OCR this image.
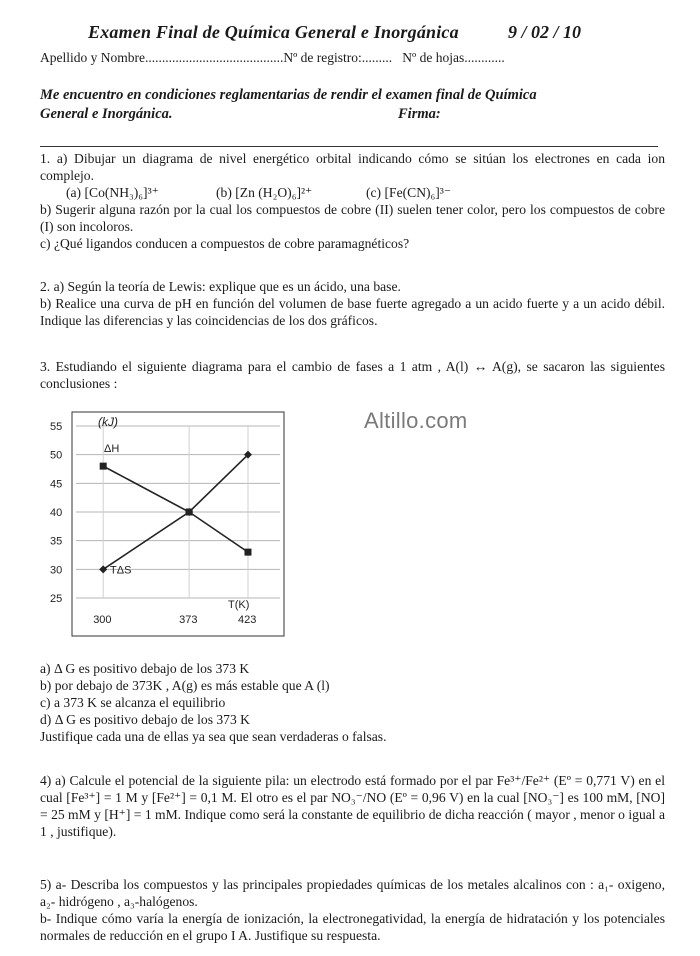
Examen Final de Química General e Inorgánica	9 / 02 / 10
Apellido y Nombre.........................................Nº de registro:......... Nº de hojas............
Me encuentro en condiciones reglamentarias de rendir el examen final de Química
General e Inorgánica.	Firma:

1. a) Dibujar un diagrama de nivel energético orbital indicando cómo se sitúan los electrones en cada ion complejo.

(a) [Co(NH₃)₆]³⁺	(b) [Zn (H₂O)₆]²⁺	(c) [Fe(CN)₆]³⁻

b) Sugerir alguna razón por la cual los compuestos de cobre (II) suelen tener color, pero los compuestos de cobre (I) son incoloros.

c) ¿Qué ligandos conducen a compuestos de cobre paramagnéticos?

2. a) Según la teoría de Lewis: explique que es un ácido, una base.

b) Realice una curva de pH en función del volumen de base fuerte agregado a un acido fuerte y a un acido débil. Indique las diferencias y las coincidencias de los dos gráficos.

3. Estudiando el siguiente diagrama para el cambio de fases a 1 atm , A(l) ↔ A(g), se sacaron las siguientes conclusiones :

25
30
35
40
45
50
55
300	373	423
ΔH
TΔS
(kJ)
T(K)
Altillo.com

a) Δ G es positivo debajo de los 373 K

b) por debajo de 373K , A(g) es más estable que A (l)

c) a 373 K se alcanza el equilibrio

d) Δ G es positivo debajo de los 373 K

Justifique cada una de ellas ya sea que sean verdaderas o falsas.

4) a) Calcule el potencial de la siguiente pila: un electrodo está formado por el par Fe³⁺/Fe²⁺ (Eº = 0,771 V) en el cual [Fe³⁺] = 1 M y [Fe²⁺] = 0,1 M. El otro es el par NO₃⁻/NO (Eº = 0,96 V) en la cual [NO₃⁻] es 100 mM, [NO] = 25 mM y [H⁺] = 1 mM. Indique como será la constante de equilibrio de dicha reacción ( mayor , menor o igual a 1 , justifique).

5) a- Describa los compuestos y las principales propiedades químicas de los metales alcalinos con : a₁- oxigeno, a₂- hidrógeno , a₃-halógenos.

b- Indique cómo varía la energía de ionización, la electronegatividad, la energía de hidratación y los potenciales normales de reducción en el grupo I A. Justifique su respuesta.
